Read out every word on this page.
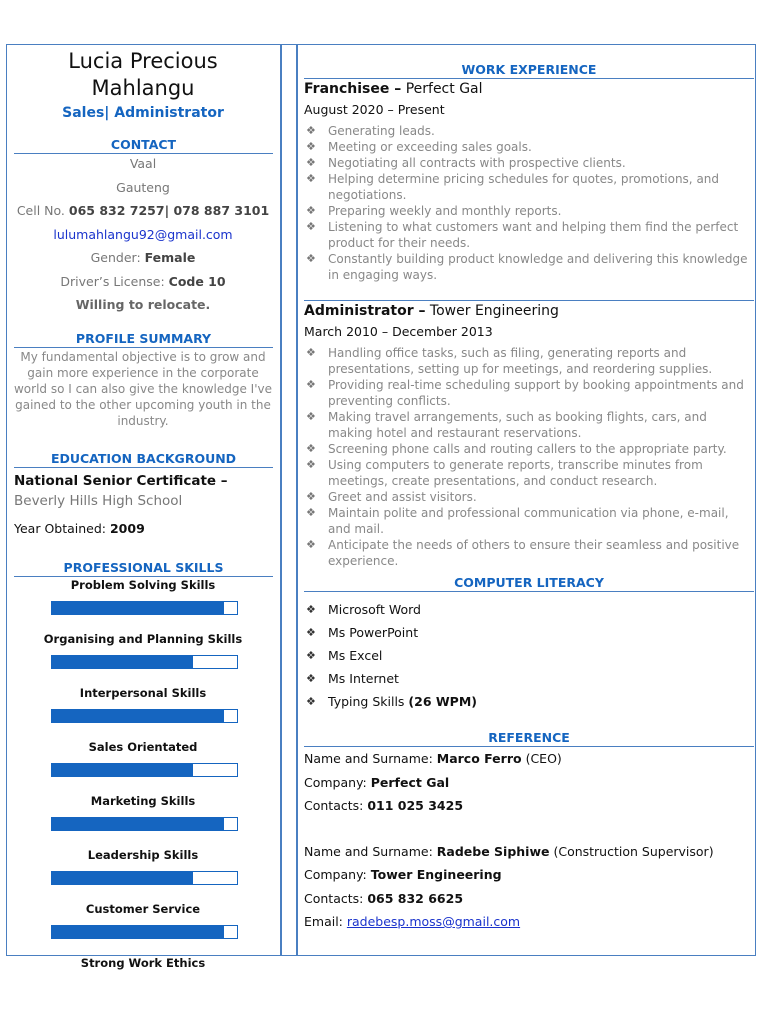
Lucia Precious
Mahlangu
Sales| Administrator
CONTACT

Vaal

Gauteng

Cell No. 065 832 7257| 078 887 3101

lulumahlangu92@gmail.com

Gender: Female

Driver’s License: Code 10

Willing to relocate.

PROFILE SUMMARY
My fundamental objective is to grow and gain more experience in the corporate world so I can also give the knowledge I've gained to the other upcoming youth in the industry.
EDUCATION BACKGROUND
National Senior Certificate –
Beverly Hills High School
Year Obtained: 2009
PROFESSIONAL SKILLS
Problem Solving Skills
Organising and Planning Skills
Interpersonal Skills
Sales Orientated
Marketing Skills
Leadership Skills
Customer Service
Strong Work Ethics
WORK EXPERIENCE
Franchisee – Perfect Gal
August 2020 – Present
❖ Generating leads.
❖ Meeting or exceeding sales goals.
❖ Negotiating all contracts with prospective clients.
❖ Helping determine pricing schedules for quotes, promotions, and negotiations.
❖ Preparing weekly and monthly reports.
❖ Listening to what customers want and helping them find the perfect product for their needs.
❖ Constantly building product knowledge and delivering this knowledge in engaging ways.
Administrator – Tower Engineering
March 2010 – December 2013
❖ Handling office tasks, such as filing, generating reports and presentations, setting up for meetings, and reordering supplies.
❖ Providing real-time scheduling support by booking appointments and preventing conflicts.
❖ Making travel arrangements, such as booking flights, cars, and making hotel and restaurant reservations.
❖ Screening phone calls and routing callers to the appropriate party.
❖ Using computers to generate reports, transcribe minutes from meetings, create presentations, and conduct research.
❖ Greet and assist visitors.
❖ Maintain polite and professional communication via phone, e-mail, and mail.
❖ Anticipate the needs of others to ensure their seamless and positive experience.
COMPUTER LITERACY
❖ Microsoft Word
❖ Ms PowerPoint
❖ Ms Excel
❖ Ms Internet
❖ Typing Skills (26 WPM)
REFERENCE

Name and Surname: Marco Ferro (CEO)

Company: Perfect Gal

Contacts: 011 025 3425

Name and Surname: Radebe Siphiwe (Construction Supervisor)

Company: Tower Engineering

Contacts: 065 832 6625

Email: radebesp.moss@gmail.com
